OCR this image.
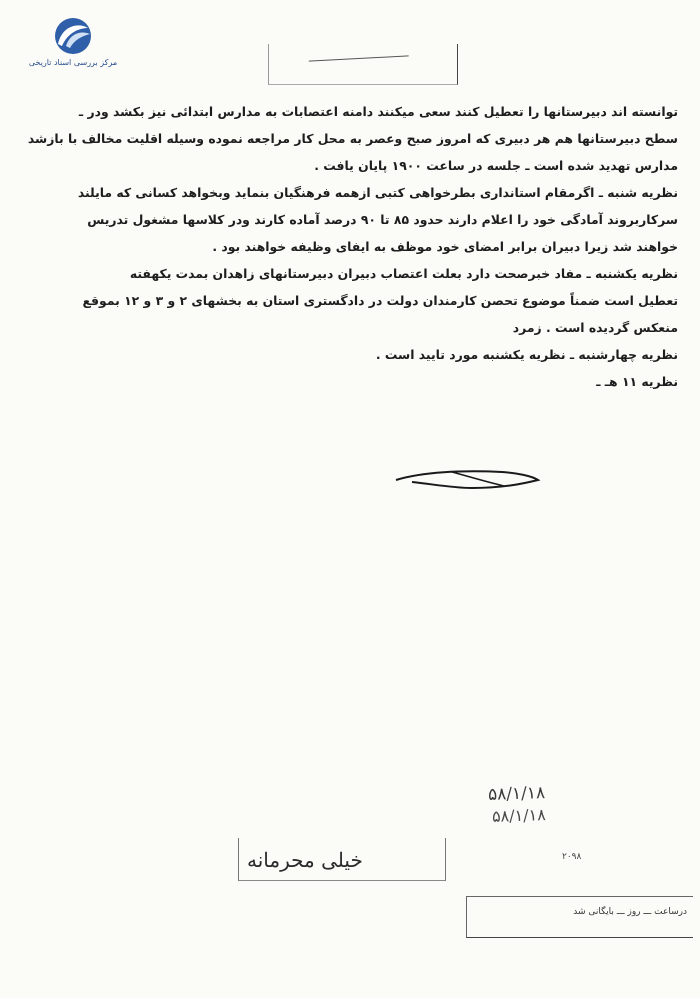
مرکز بررسی اسناد تاریخی
توانسته اند دبیرستانها را تعطیل کنند سعی میکنند دامنه اعتصابات به مدارس ابتدائی نیز بکشد ودر ـ
سطح دبیرستانها هم هر دبیری که امروز صبح وعصر به محل کار مراجعه نموده وسیله اقلیت مخالف با بازشد
مدارس تهدید شده است ـ جلسه در ساعت ۱۹۰۰ پایان یافت .
نظریه شنبه ـ اگرمقام استانداری بطرخواهی کتبی ازهمه فرهنگیان بنماید وبخواهد کسانی که مایلند
سرکاربروند آمادگی خود را اعلام دارند حدود ۸۵ تا ۹۰ درصد آماده کارند ودر کلاسها مشغول تدریس
خواهند شد زیرا دبیران برابر امضای خود موظف به ایفای وظیفه خواهند بود .
نظریه یکشنبه ـ مفاد خبرصحت دارد بعلت اعتصاب دبیران دبیرستانهای زاهدان بمدت یکهفته
تعطیل است ضمناً موضوع تحصن کارمندان دولت در دادگستری استان به بخشهای ۲ و ۳ و ۱۲ بموقع
منعکس گردیده است . زمرد
نظریه چهارشنبه ـ نظریه یکشنبه مورد تایید است .
نظریه ۱۱ هـ ـ
۵۸/۱/۱۸
۵۸/۱/۱۸
۲۰۹۸
خیلی محرمانه
درساعت ـــ روز ـــ بایگانی شد
